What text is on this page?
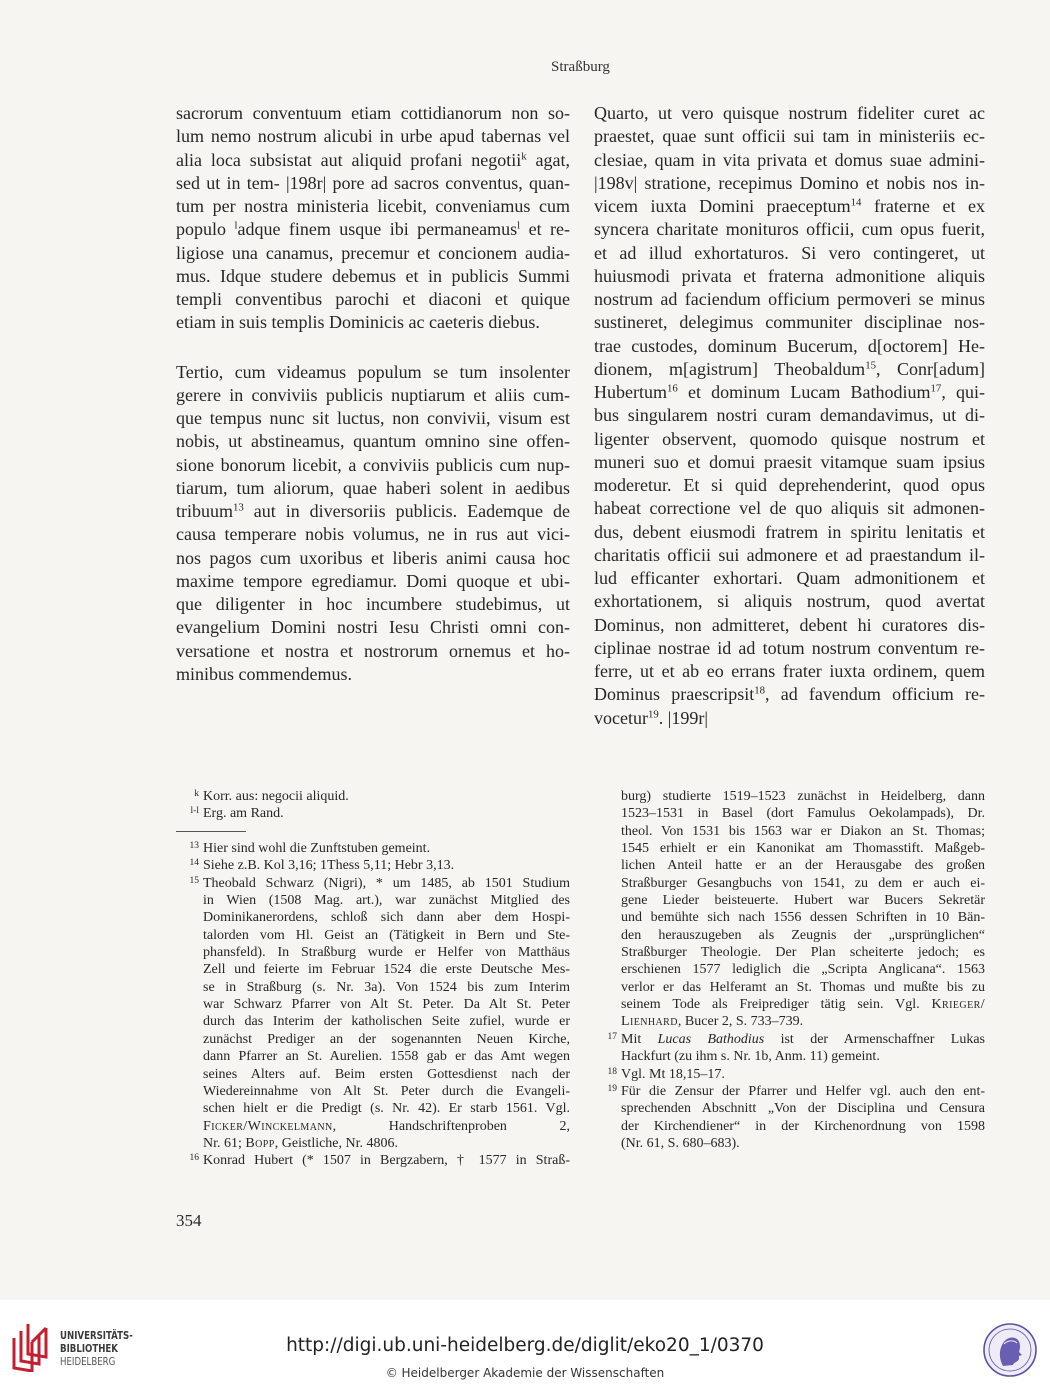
Straßburg
sacrorum conventuum etiam cottidianorum non so-
lum nemo nostrum alicubi in urbe apud tabernas vel
alia loca subsistat aut aliquid profani negotii$^k$ agat,
sed ut in tem- |198r| pore ad sacros conventus, quan-
tum per nostra ministeria licebit, conveniamus cum
populo $^l$adque finem usque ibi permaneamus$^l$ et re-
ligiose una canamus, precemur et concionem audia-
mus. Idque studere debemus et in publicis Summi
templi conventibus parochi et diaconi et quique
etiam in suis templis Dominicis ac caeteris diebus.
Tertio, cum videamus populum se tum insolenter
gerere in conviviis publicis nuptiarum et aliis cum-
que tempus nunc sit luctus, non convivii, visum est
nobis, ut abstineamus, quantum omnino sine offen-
sione bonorum licebit, a conviviis publicis cum nup-
tiarum, tum aliorum, quae haberi solent in aedibus
tribuum$^{13}$ aut in diversoriis publicis. Eademque de
causa temperare nobis volumus, ne in rus aut vici-
nos pagos cum uxoribus et liberis animi causa hoc
maxime tempore egrediamur. Domi quoque et ubi-
que diligenter in hoc incumbere studebimus, ut
evangelium Domini nostri Iesu Christi omni con-
versatione et nostra et nostrorum ornemus et ho-
minibus commendemus.
Quarto, ut vero quisque nostrum fideliter curet ac
praestet, quae sunt officii sui tam in ministeriis ec-
clesiae, quam in vita privata et domus suae admini-
|198v| stratione, recepimus Domino et nobis nos in-
vicem iuxta Domini praeceptum$^{14}$ fraterne et ex
syncera charitate monituros officii, cum opus fuerit,
et ad illud exhortaturos. Si vero contingeret, ut
huiusmodi privata et fraterna admonitione aliquis
nostrum ad faciendum officium permoveri se minus
sustineret, delegimus communiter disciplinae nos-
trae custodes, dominum Bucerum, d[octorem] He-
dionem, m[agistrum] Theobaldum$^{15}$, Conr[adum]
Hubertum$^{16}$ et dominum Lucam Bathodium$^{17}$, qui-
bus singularem nostri curam demandavimus, ut di-
ligenter observent, quomodo quisque nostrum et
muneri suo et domui praesit vitamque suam ipsius
moderetur. Et si quid deprehenderint, quod opus
habeat correctione vel de quo aliquis sit admonen-
dus, debent eiusmodi fratrem in spiritu lenitatis et
charitatis officii sui admonere et ad praestandum il-
lud efficanter exhortari. Quam admonitionem et
exhortationem, si aliquis nostrum, quod avertat
Dominus, non admitteret, debent hi curatores dis-
ciplinae nostrae id ad totum nostrum conventum re-
ferre, ut et ab eo errans frater iuxta ordinem, quem
Dominus praescripsit$^{18}$, ad favendum officium re-
vocetur$^{19}$. |199r|
k Korr. aus: negocii aliquid.
l-l Erg. am Rand.
13 Hier sind wohl die Zunftstuben gemeint.
14 Siehe z.B. Kol 3,16; 1Thess 5,11; Hebr 3,13.
15 Theobald Schwarz (Nigri), * um 1485, ab 1501 Studium
in Wien (1508 Mag. art.), war zunächst Mitglied des
Dominikanerordens, schloß sich dann aber dem Hospi-
talorden vom Hl. Geist an (Tätigkeit in Bern und Ste-
phansfeld). In Straßburg wurde er Helfer von Matthäus
Zell und feierte im Februar 1524 die erste Deutsche Mes-
se in Straßburg (s. Nr. 3a). Von 1524 bis zum Interim
war Schwarz Pfarrer von Alt St. Peter. Da Alt St. Peter
durch das Interim der katholischen Seite zufiel, wurde er
zunächst Prediger an der sogenannten Neuen Kirche,
dann Pfarrer an St. Aurelien. 1558 gab er das Amt wegen
seines Alters auf. Beim ersten Gottesdienst nach der
Wiedereinnahme von Alt St. Peter durch die Evangeli-
schen hielt er die Predigt (s. Nr. 42). Er starb 1561. Vgl.
Ficker/Winckelmann, Handschriftenproben 2,
Nr. 61; Bopp, Geistliche, Nr. 4806.
16 Konrad Hubert (* 1507 in Bergzabern, † 1577 in Straß-
burg) studierte 1519–1523 zunächst in Heidelberg, dann
1523–1531 in Basel (dort Famulus Oekolampads), Dr.
theol. Von 1531 bis 1563 war er Diakon an St. Thomas;
1545 erhielt er ein Kanonikat am Thomasstift. Maßgeb-
lichen Anteil hatte er an der Herausgabe des großen
Straßburger Gesangbuchs von 1541, zu dem er auch ei-
gene Lieder beisteuerte. Hubert war Bucers Sekretär
und bemühte sich nach 1556 dessen Schriften in 10 Bän-
den herauszugeben als Zeugnis der „ursprünglichen“
Straßburger Theologie. Der Plan scheiterte jedoch; es
erschienen 1577 lediglich die „Scripta Anglicana“. 1563
verlor er das Helferamt an St. Thomas und mußte bis zu
seinem Tode als Freiprediger tätig sein. Vgl. Krieger/
Lienhard, Bucer 2, S. 733–739.
17 Mit Lucas Bathodius ist der Armenschaffner Lukas
Hackfurt (zu ihm s. Nr. 1b, Anm. 11) gemeint.
18 Vgl. Mt 18,15–17.
19 Für die Zensur der Pfarrer und Helfer vgl. auch den ent-
sprechenden Abschnitt „Von der Disciplina und Censura
der Kirchendiener“ in der Kirchenordnung von 1598
(Nr. 61, S. 680–683).
354
UNIVERSITÄTS-
BIBLIOTHEK
HEIDELBERG
http://digi.ub.uni-heidelberg.de/diglit/eko20_1/0370
© Heidelberger Akademie der Wissenschaften
